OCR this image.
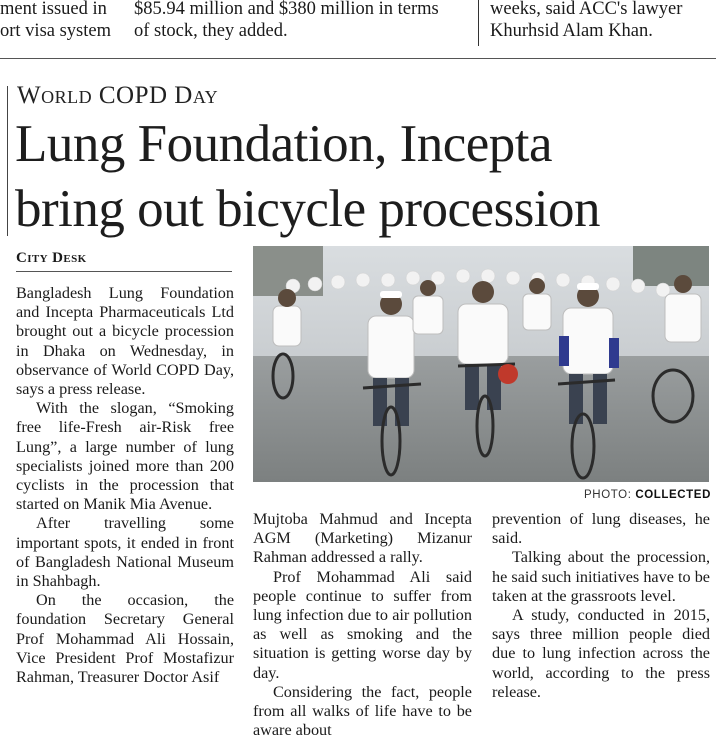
ment issued in
ort visa system
$85.94 million and $380 million in terms
of stock, they added.
weeks, said ACC's lawyer
Khurhsid Alam Khan.
World COPD Day
Lung Foundation, Incepta
bring out bicycle procession
City Desk
PHOTO: COLLECTED

Bangladesh Lung Foundation and Incepta Pharmaceuticals Ltd brought out a bicycle procession in Dhaka on Wednesday, in observance of World COPD Day, says a press release.

With the slogan, “Smoking free life-Fresh air-Risk free Lung”, a large number of lung specialists joined more than 200 cyclists in the procession that started on Manik Mia Avenue.

After travelling some important spots, it ended in front of Bangladesh National Museum in Shahbagh.

On the occasion, the foundation Secretary General Prof Mohammad Ali Hossain, Vice President Prof Mostafizur Rahman, Treasurer Doctor Asif

Mujtoba Mahmud and Incepta AGM (Marketing) Mizanur Rahman addressed a rally.

Prof Mohammad Ali said people continue to suffer from lung infection due to air pollution as well as smoking and the situation is getting worse day by day.

Considering the fact, people from all walks of life have to be aware about

prevention of lung diseases, he said.

Talking about the procession, he said such initiatives have to be taken at the grassroots level.

A study, conducted in 2015, says three million people died due to lung infection across the world, according to the press release.
